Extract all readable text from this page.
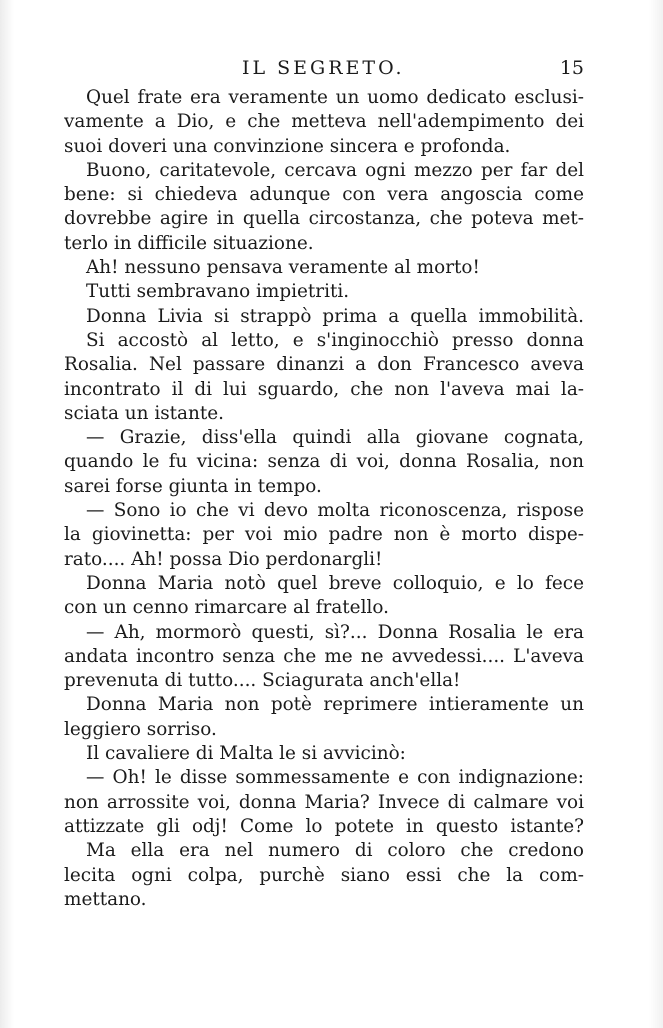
IL SEGRETO.	15
Quel frate era veramente un uomo dedicato esclusi-
vamente a Dio, e che metteva nell'adempimento dei
suoi doveri una convinzione sincera e profonda.
Buono, caritatevole, cercava ogni mezzo per far del
bene: si chiedeva adunque con vera angoscia come
dovrebbe agire in quella circostanza, che poteva met-
terlo in difficile situazione.
Ah! nessuno pensava veramente al morto!
Tutti sembravano impietriti.
Donna Livia si strappò prima a quella immobilità.
Si accostò al letto, e s'inginocchiò presso donna
Rosalia. Nel passare dinanzi a don Francesco aveva
incontrato il di lui sguardo, che non l'aveva mai la-
sciata un istante.
— Grazie, diss'ella quindi alla giovane cognata,
quando le fu vicina: senza di voi, donna Rosalia, non
sarei forse giunta in tempo.
— Sono io che vi devo molta riconoscenza, rispose
la giovinetta: per voi mio padre non è morto dispe-
rato.... Ah! possa Dio perdonargli!
Donna Maria notò quel breve colloquio, e lo fece
con un cenno rimarcare al fratello.
— Ah, mormorò questi, sì?... Donna Rosalia le era
andata incontro senza che me ne avvedessi.... L'aveva
prevenuta di tutto.... Sciagurata anch'ella!
Donna Maria non potè reprimere intieramente un
leggiero sorriso.
Il cavaliere di Malta le si avvicinò:
— Oh! le disse sommessamente e con indignazione:
non arrossite voi, donna Maria? Invece di calmare voi
attizzate gli odj! Come lo potete in questo istante?
Ma ella era nel numero di coloro che credono
lecita ogni colpa, purchè siano essi che la com-
mettano.
